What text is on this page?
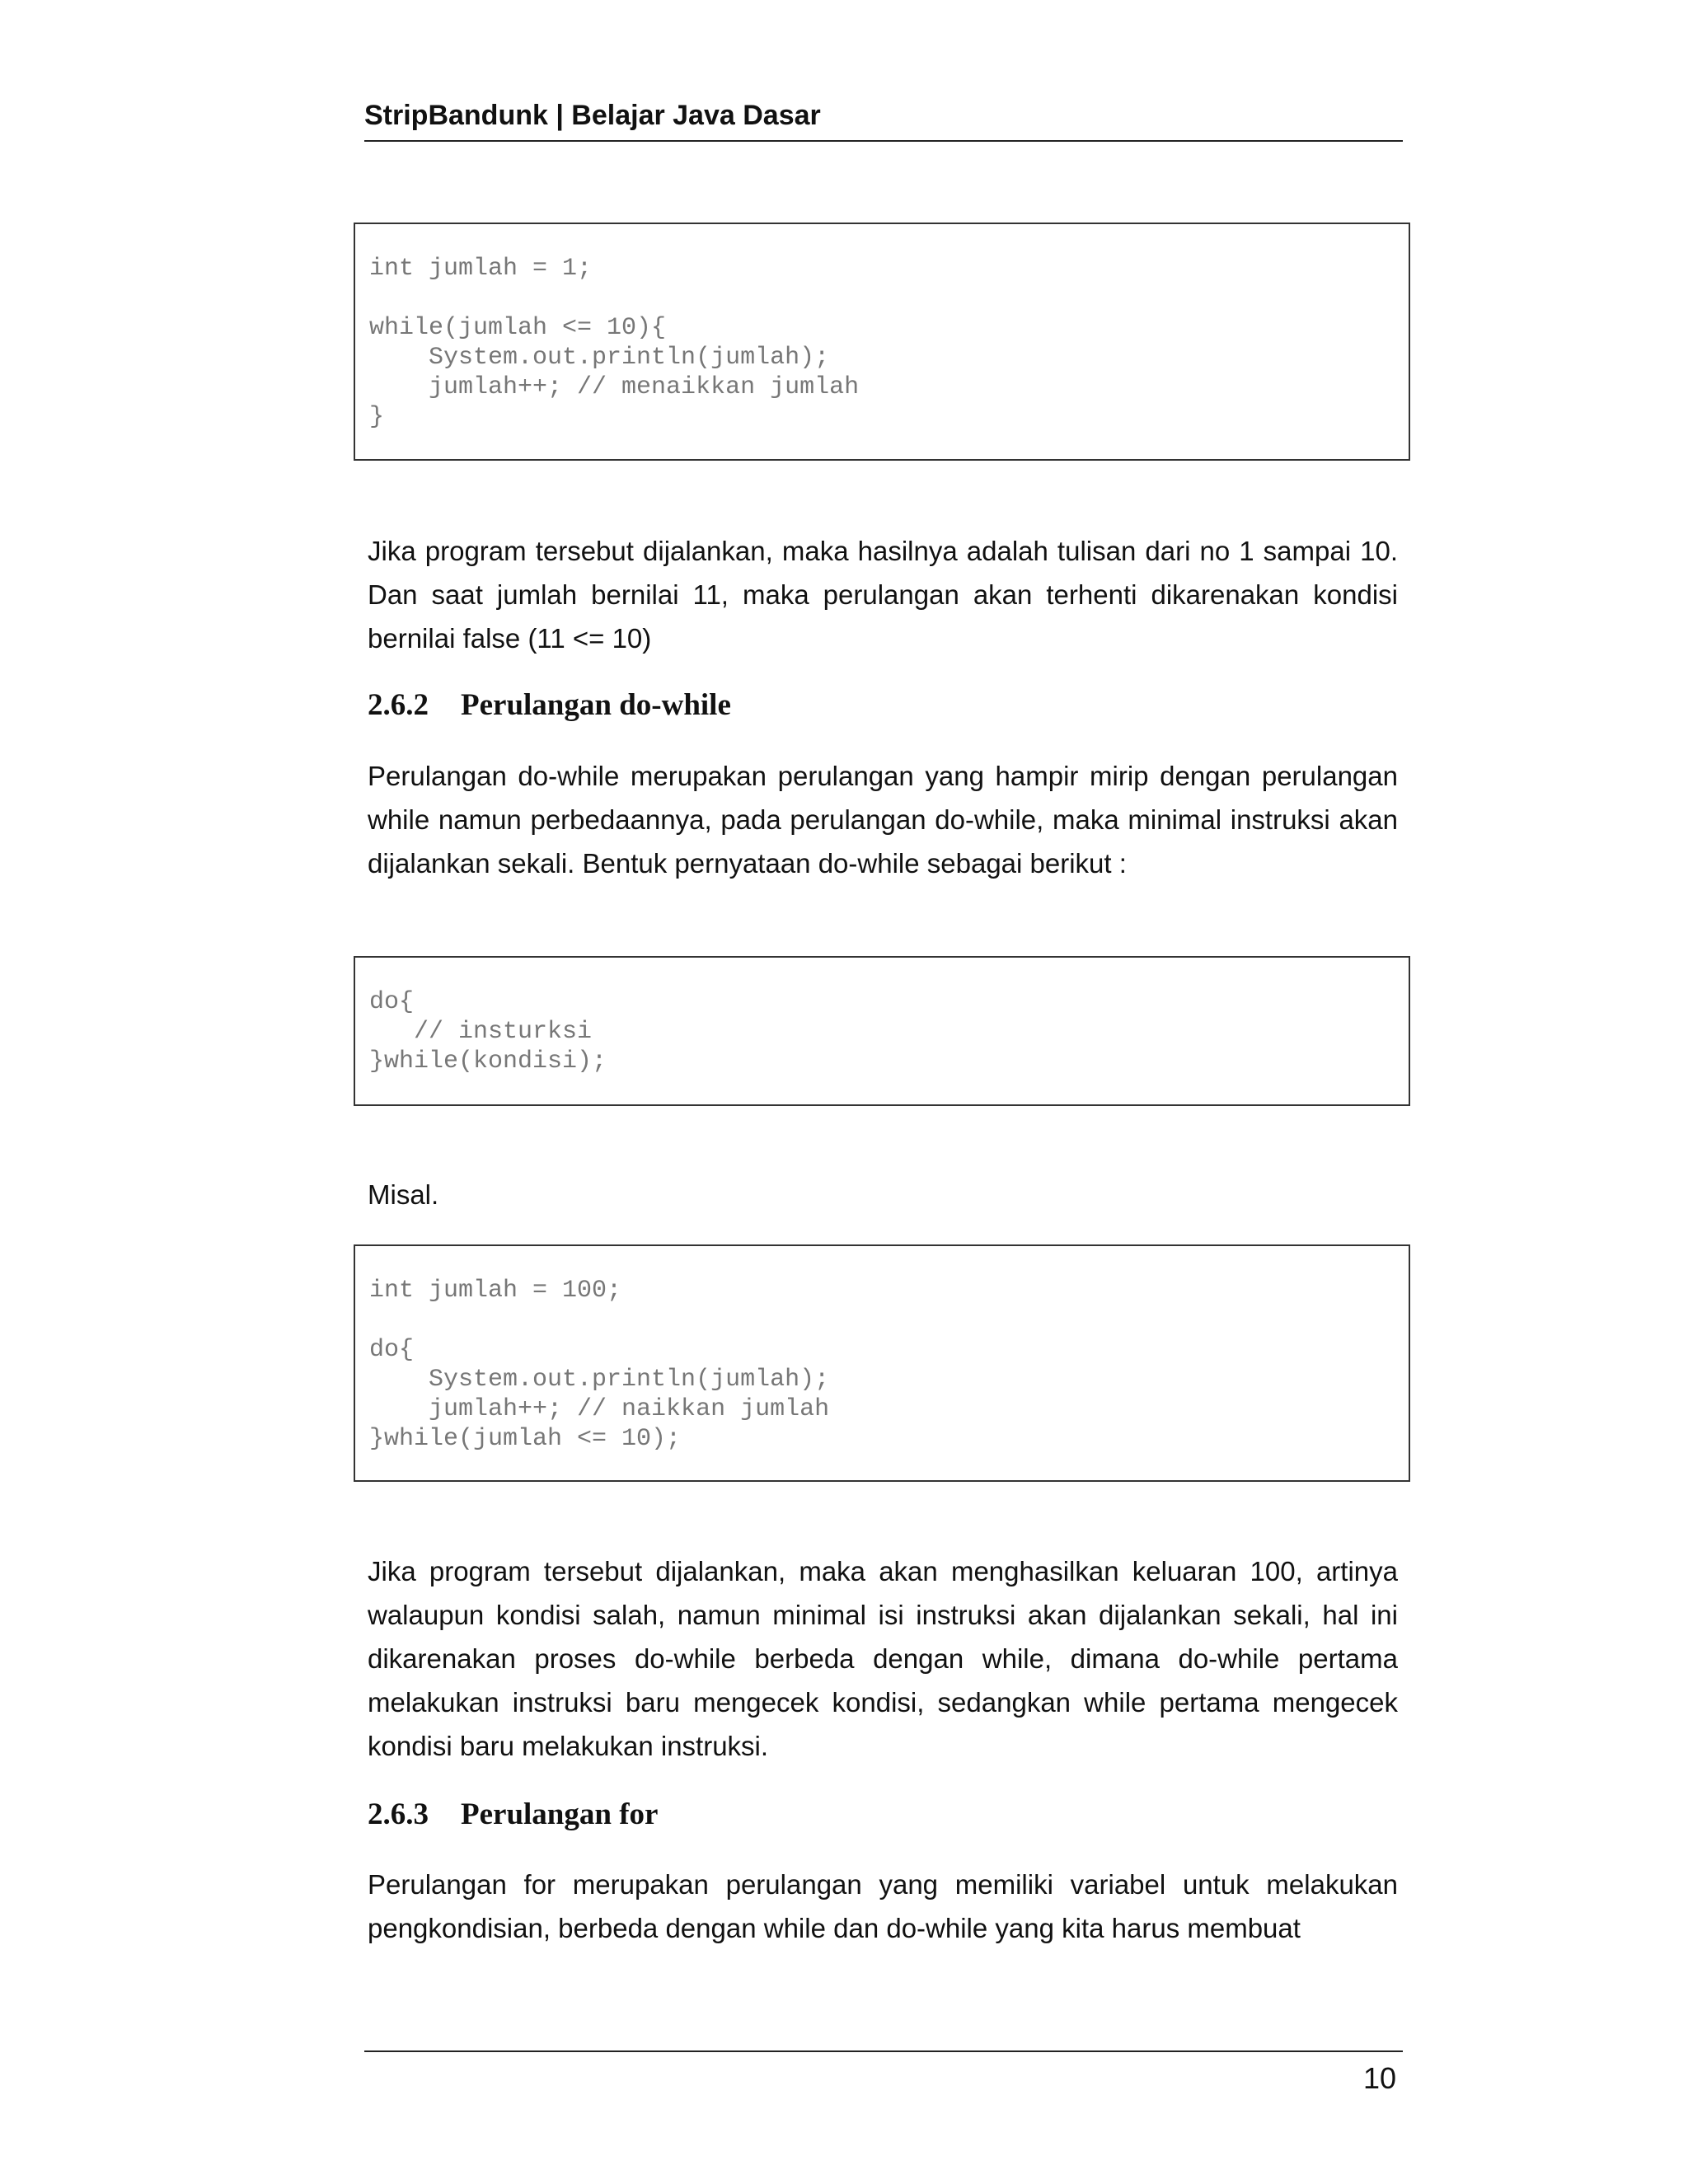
StripBandunk | Belajar Java Dasar
int jumlah = 1;
while(jumlah <= 10){
System.out.println(jumlah);
jumlah++; // menaikkan jumlah
}

Jika program tersebut dijalankan, maka hasilnya adalah tulisan dari no 1 sampai 10. Dan saat jumlah bernilai 11, maka perulangan akan terhenti dikarenakan kondisi bernilai false (11 <= 10)

2.6.2 Perulangan do-while

Perulangan do-while merupakan perulangan yang hampir mirip dengan perulangan while namun perbedaannya, pada perulangan do-while, maka minimal instruksi akan dijalankan sekali. Bentuk pernyataan do-while sebagai berikut :

do{
// insturksi
}while(kondisi);

Misal.

int jumlah = 100;
do{
System.out.println(jumlah);
jumlah++; // naikkan jumlah
}while(jumlah <= 10);

Jika program tersebut dijalankan, maka akan menghasilkan keluaran 100, artinya walaupun kondisi salah, namun minimal isi instruksi akan dijalankan sekali, hal ini dikarenakan proses do-while berbeda dengan while, dimana do-while pertama melakukan instruksi baru mengecek kondisi, sedangkan while pertama mengecek kondisi baru melakukan instruksi.

2.6.3 Perulangan for

Perulangan for merupakan perulangan yang memiliki variabel untuk melakukan pengkondisian, berbeda dengan while dan do-while yang kita harus membuat

10
